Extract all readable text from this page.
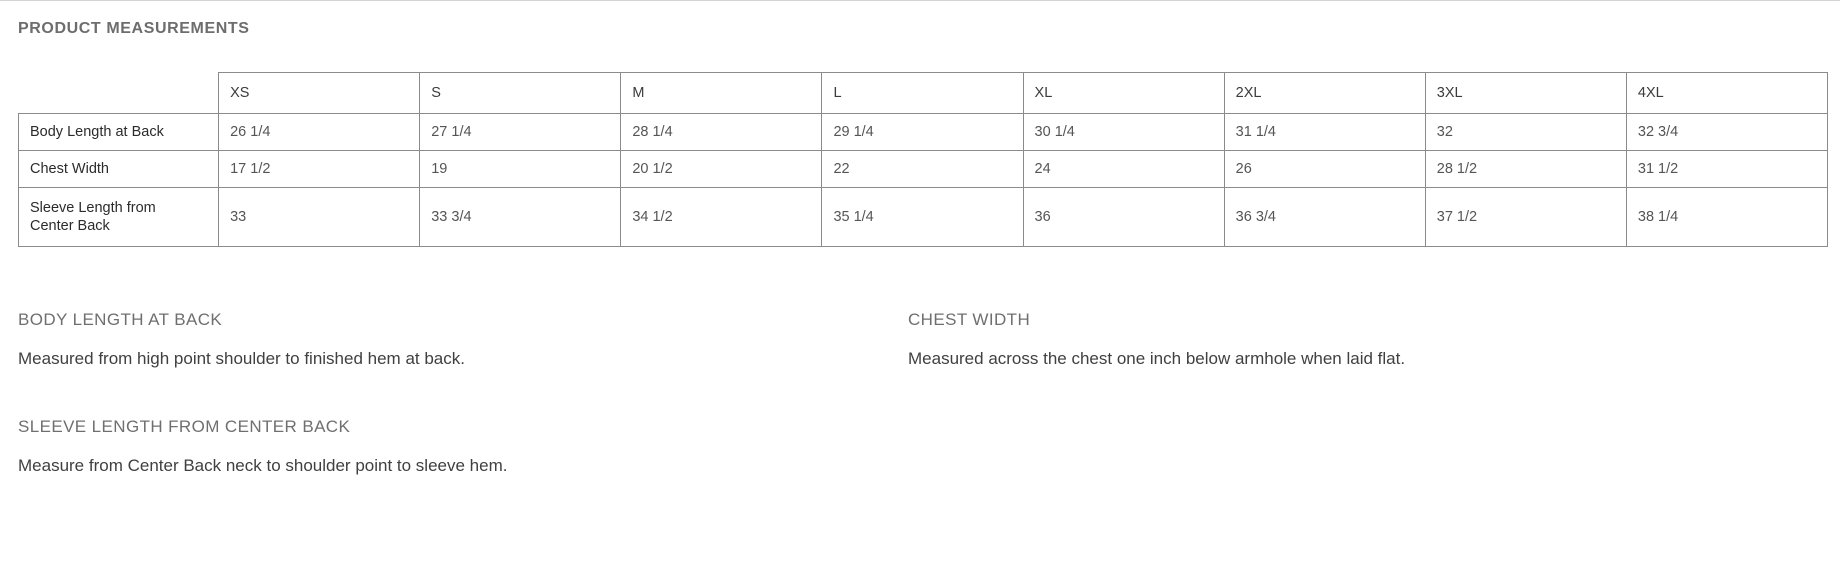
PRODUCT MEASUREMENTS
	XS	S	M	L	XL	2XL	3XL	4XL

Body Length at Back	26 1/4	27 1/4	28 1/4	29 1/4	30 1/4	31 1/4	32	32 3/4

Chest Width	17 1/2	19	20 1/2	22	24	26	28 1/2	31 1/2

Sleeve Length from Center Back	33	33 3/4	34 1/2	35 1/4	36	36 3/4	37 1/2	38 1/4
BODY LENGTH AT BACK
Measured from high point shoulder to finished hem at back.
CHEST WIDTH
Measured across the chest one inch below armhole when laid flat.
SLEEVE LENGTH FROM CENTER BACK
Measure from Center Back neck to shoulder point to sleeve hem.
